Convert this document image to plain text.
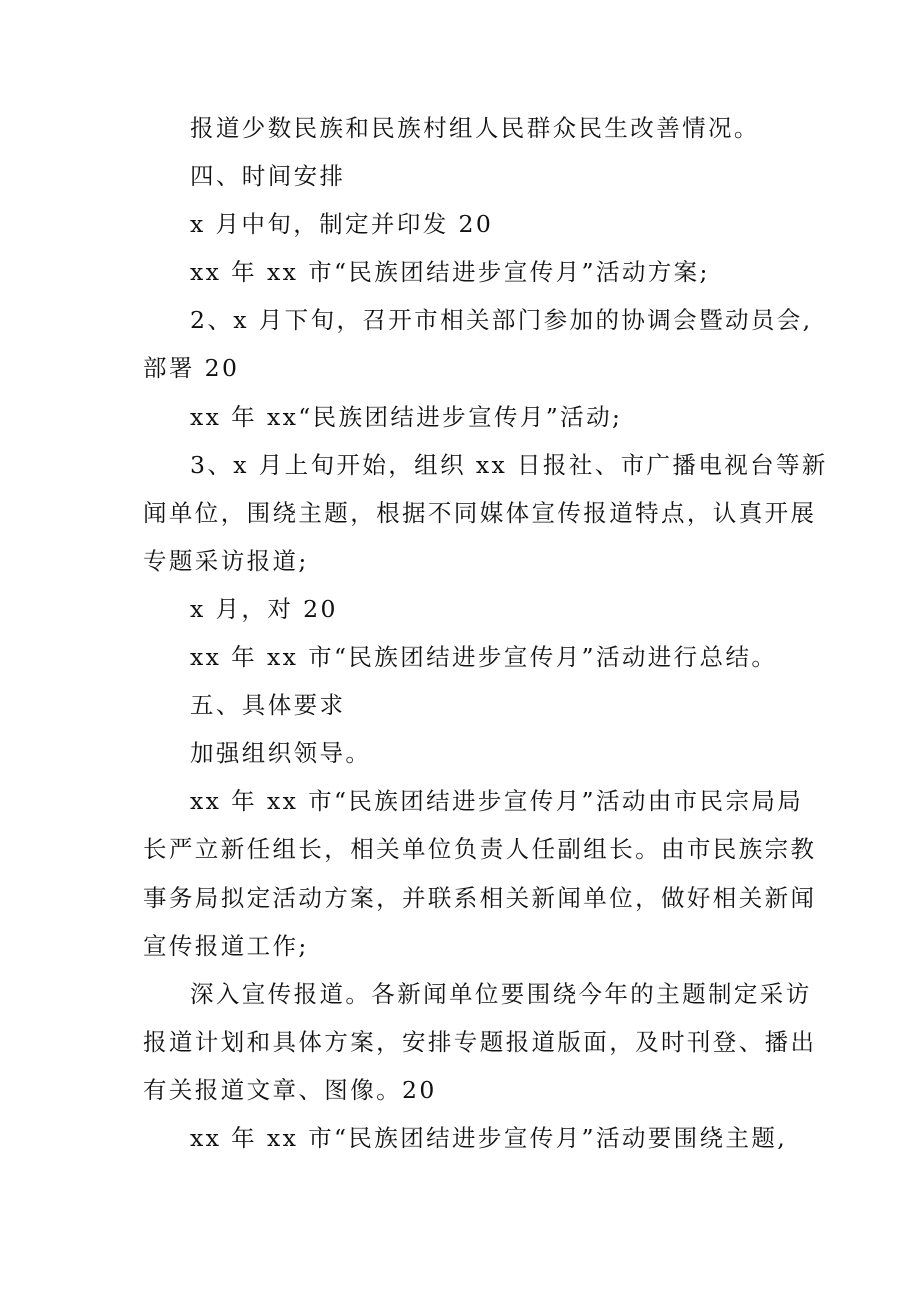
报道少数民族和民族村组人民群众民生改善情况。
四、时间安排
x 月中旬，制定并印发 20
xx 年 xx 市“民族团结进步宣传月”活动方案;
2、x 月下旬，召开市相关部门参加的协调会暨动员会,
部署 20
xx 年 xx“民族团结进步宣传月”活动;
3、x 月上旬开始，组织 xx 日报社、市广播电视台等新
闻单位，围绕主题，根据不同媒体宣传报道特点，认真开展
专题采访报道;
x 月，对 20
xx 年 xx 市“民族团结进步宣传月”活动进行总结。
五、具体要求
加强组织领导。
xx 年 xx 市“民族团结进步宣传月”活动由市民宗局局
长严立新任组长，相关单位负责人任副组长。由市民族宗教
事务局拟定活动方案，并联系相关新闻单位，做好相关新闻
宣传报道工作;
深入宣传报道。各新闻单位要围绕今年的主题制定采访
报道计划和具体方案，安排专题报道版面，及时刊登、播出
有关报道文章、图像。20
xx 年 xx 市“民族团结进步宣传月”活动要围绕主题,
